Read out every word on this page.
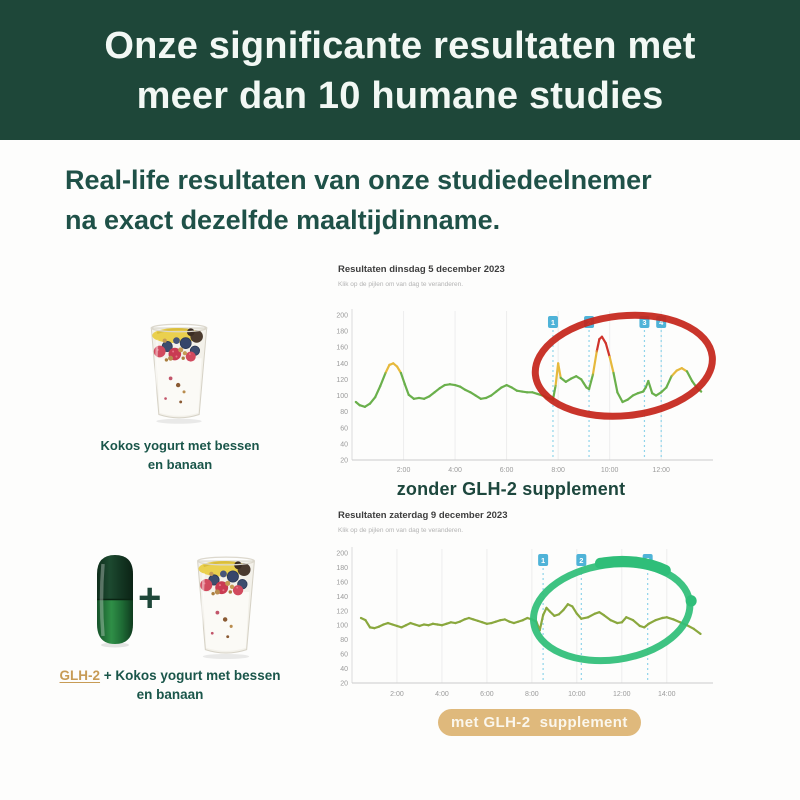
Onze significante resultaten met
meer dan 10 humane studies
Real-life resultaten van onze studiedeelnemer
na exact dezelfde maaltijdinname.
Kokos yogurt met bessen
en banaan
Resultaten dinsdag 5 december 2023
Klik op de pijlen om van dag te veranderen.
20
40
60
80
100
120
140
160
180
200
2:00	4:00	6:00	8:00	10:00	12:00
1	2	3 4
zonder GLH-2 supplement
+
GLH-2 + Kokos yogurt met bessen
en banaan
Resultaten zaterdag 9 december 2023
Klik op de pijlen om van dag te veranderen.
20
40
60
80
100
120
140
160
180
200
2:00	4:00	6:00	8:00	10:00	12:00	14:00
1	2	3
met GLH-2  supplement
